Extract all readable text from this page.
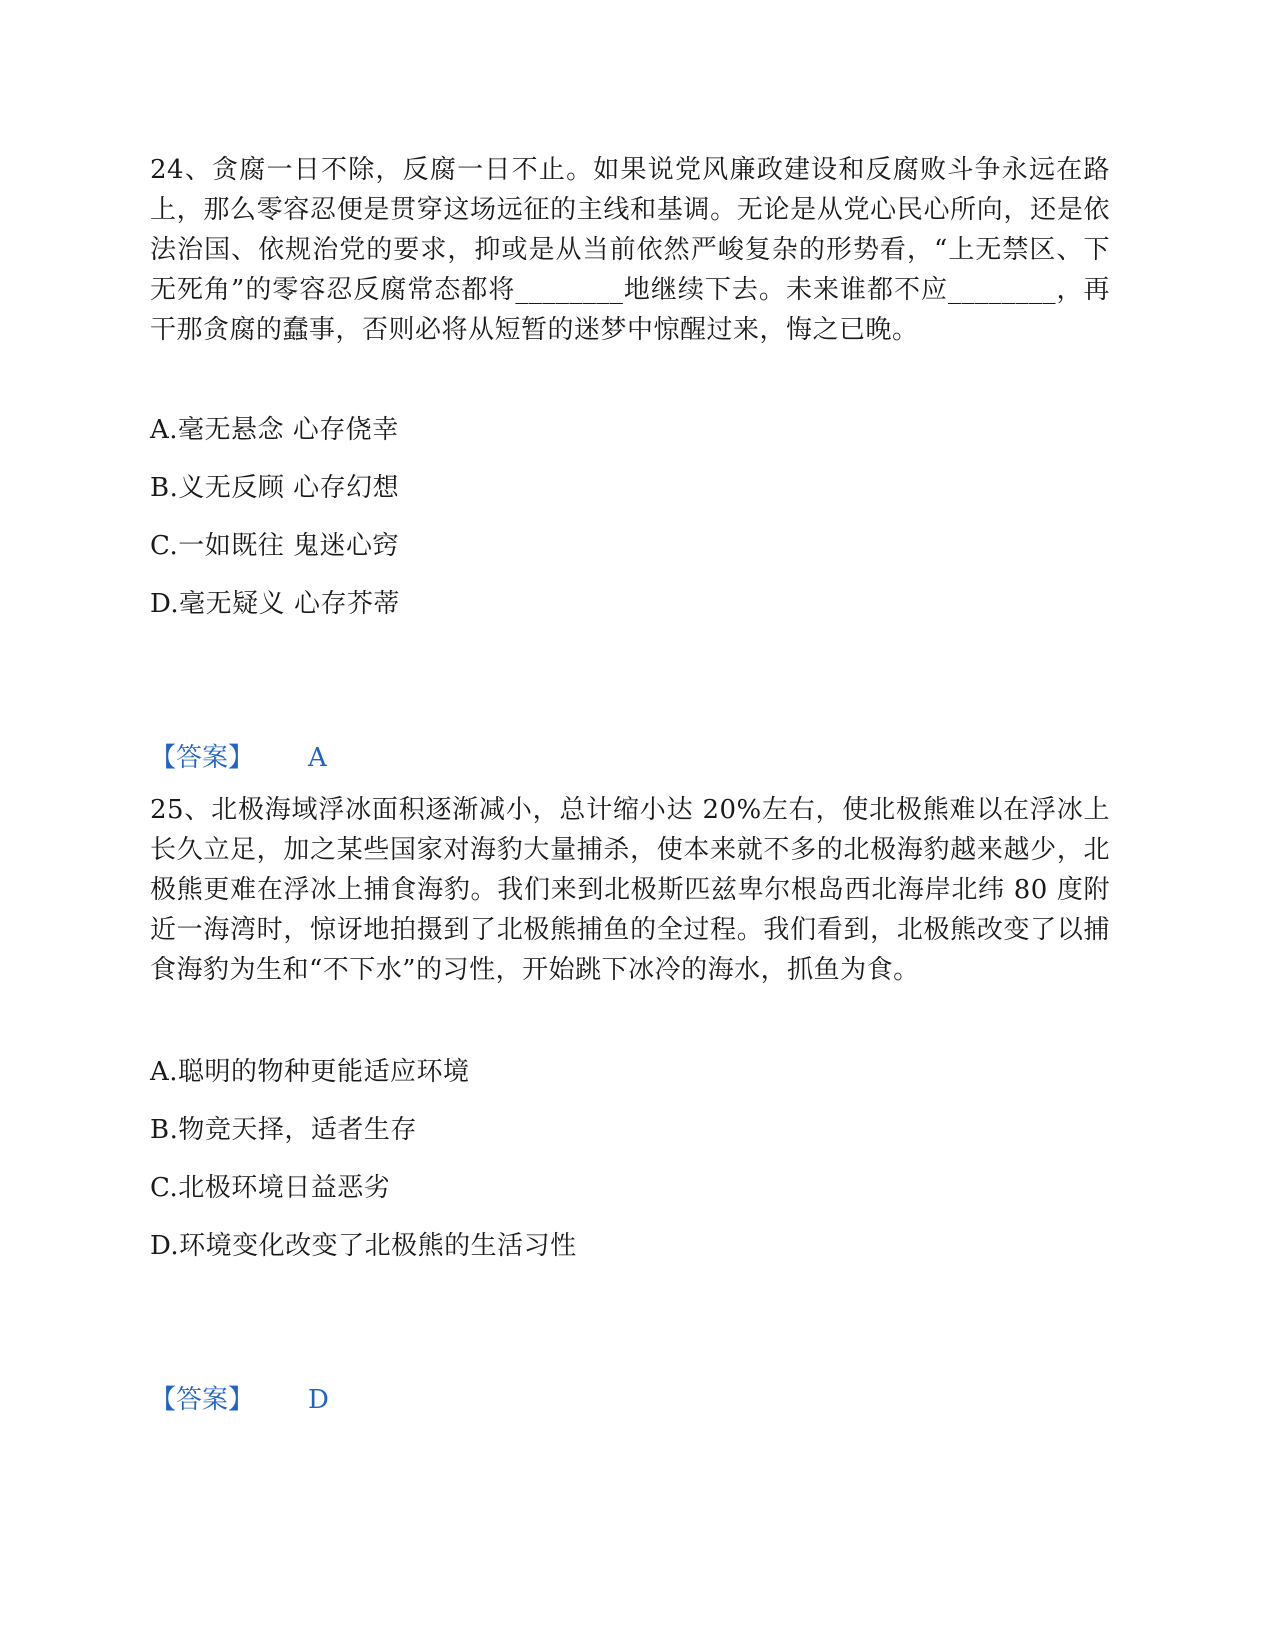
24、贪腐一日不除，反腐一日不止。如果说党风廉政建设和反腐败斗争永远在路上，那么零容忍便是贯穿这场远征的主线和基调。无论是从党心民心所向，还是依法治国、依规治党的要求，抑或是从当前依然严峻复杂的形势看，“上无禁区、下无死角”的零容忍反腐常态都将________地继续下去。未来谁都不应________，再干那贪腐的蠢事，否则必将从短暂的迷梦中惊醒过来，悔之已晚。
A.毫无悬念 心存侥幸
B.义无反顾 心存幻想
C.一如既往 鬼迷心窍
D.毫无疑义 心存芥蒂
【答案】 A
25、北极海域浮冰面积逐渐减小，总计缩小达 20%左右，使北极熊难以在浮冰上长久立足，加之某些国家对海豹大量捕杀，使本来就不多的北极海豹越来越少，北极熊更难在浮冰上捕食海豹。我们来到北极斯匹兹卑尔根岛西北海岸北纬 80 度附近一海湾时，惊讶地拍摄到了北极熊捕鱼的全过程。我们看到，北极熊改变了以捕食海豹为生和“不下水”的习性，开始跳下冰冷的海水，抓鱼为食。
A.聪明的物种更能适应环境
B.物竞天择，适者生存
C.北极环境日益恶劣
D.环境变化改变了北极熊的生活习性
【答案】 D
